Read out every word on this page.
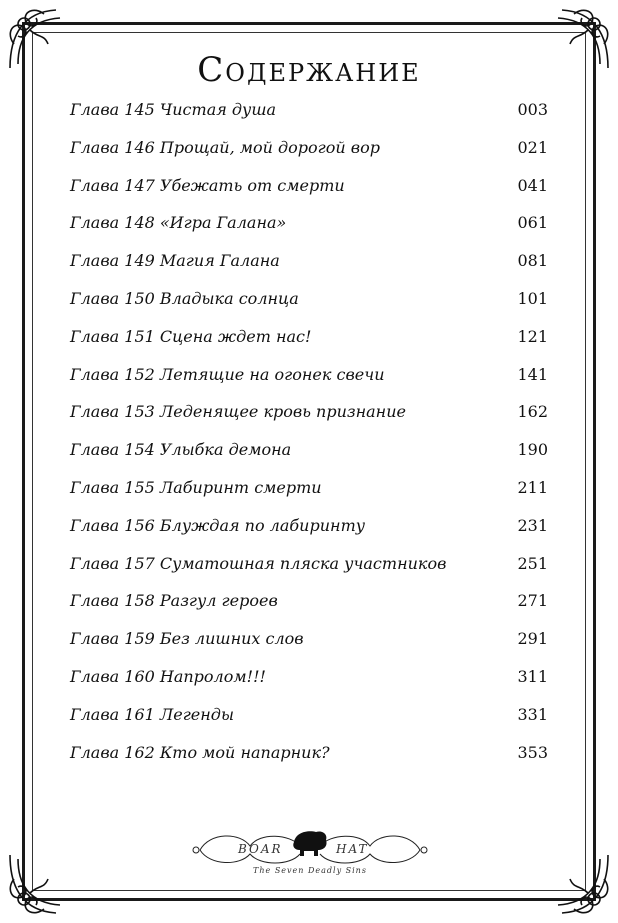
Содержание
Глава 145 Чистая душа	003
Глава 146 Прощай, мой дорогой вор	021
Глава 147 Убежать от смерти	041
Глава 148 «Игра Галана»	061
Глава 149 Магия Галана	081
Глава 150 Владыка солнца	101
Глава 151 Сцена ждет нас!	121
Глава 152 Летящие на огонек свечи	141
Глава 153 Леденящее кровь признание	162
Глава 154 Улыбка демона	190
Глава 155 Лабиринт смерти	211
Глава 156 Блуждая по лабиринту	231
Глава 157 Суматошная пляска участников	251
Глава 158 Разгул героев	271
Глава 159 Без лишних слов	291
Глава 160 Напролом!!!	311
Глава 161 Легенды	331
Глава 162 Кто мой напарник?	353
BOAR	HAT
The Seven Deadly Sins
